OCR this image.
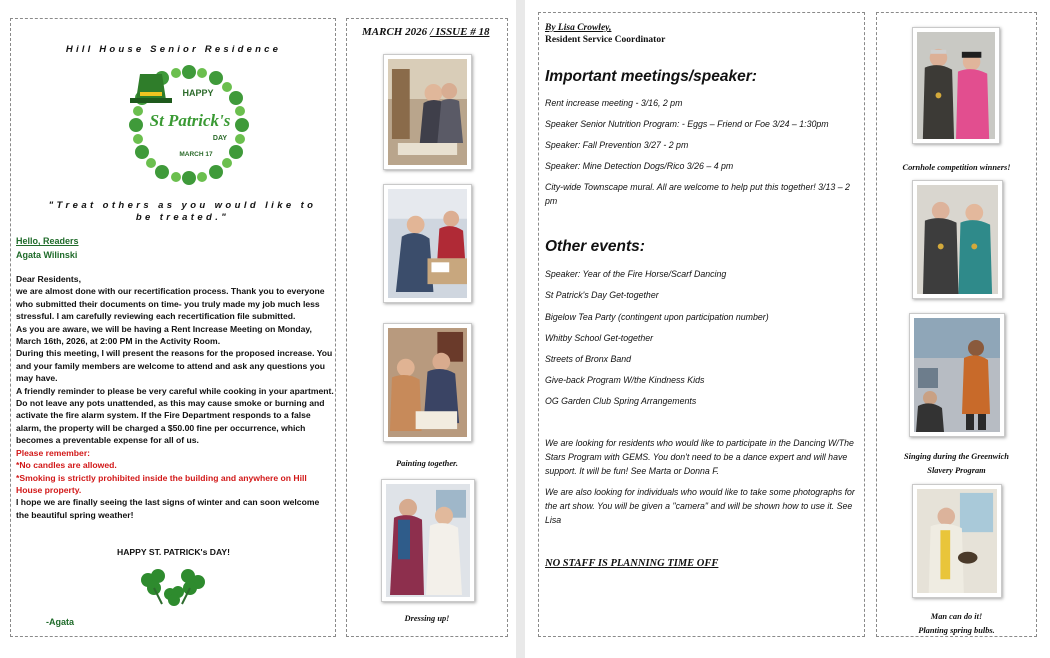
Hill House Senior Residence
HAPPY
St Patrick's
DAY
MARCH 17
"Treat others as you would like to be treated."
Hello, Readers
Agata Wilinski

Dear Residents,

we are almost done with our recertification process. Thank you to everyone who submitted their documents on time- you truly made my job much less stressful. I am carefully reviewing each recertification file submitted.

As you are aware, we will be having a Rent Increase Meeting on Monday, March 16th, 2026, at 2:00 PM in the Activity Room.

During this meeting, I will present the reasons for the proposed increase. You and your family members are welcome to attend and ask any questions you may have.

A friendly reminder to please be very careful while cooking in your apartment. Do not leave any pots unattended, as this may cause smoke or burning and activate the fire alarm system. If the Fire Department responds to a false alarm, the property will be charged a $50.00 fine per occurrence, which becomes a preventable expense for all of us.

Please remember:

*No candles are allowed.

*Smoking is strictly prohibited inside the building and anywhere on Hill House property.

I hope we are finally seeing the last signs of winter and can soon welcome the beautiful spring weather!

HAPPY ST. PATRICK's DAY!
-Agata
MARCH 2026 / ISSUE # 18
Painting together.
Dressing up!
By Lisa Crowley,
Resident Service Coordinator
Important meetings/speaker:
Rent increase meeting - 3/16, 2 pm
Speaker Senior Nutrition Program: - Eggs – Friend or Foe 3/24 – 1:30pm
Speaker: Fall Prevention 3/27 - 2 pm
Speaker: Mine Detection Dogs/Rico 3/26 – 4 pm
City-wide Townscape mural. All are welcome to help put this together! 3/13 – 2 pm
Other events:
Speaker: Year of the Fire Horse/Scarf Dancing
St Patrick's Day Get-together
Bigelow Tea Party (contingent upon participation number)
Whitby School Get-together
Streets of Bronx Band
Give-back Program W/the Kindness Kids
OG Garden Club Spring Arrangements
We are looking for residents who would like to participate in the Dancing W/The Stars Program with GEMS. You don't need to be a dance expert and will have support. It will be fun! See Marta or Donna F.
We are also looking for individuals who would like to take some photographs for the art show. You will be given a "camera" and will be shown how to use it. See Lisa
NO STAFF IS PLANNING TIME OFF
Cornhole competition winners!
Singing during the Greenwich
Slavery Program
Man can do it!
Planting spring bulbs.
